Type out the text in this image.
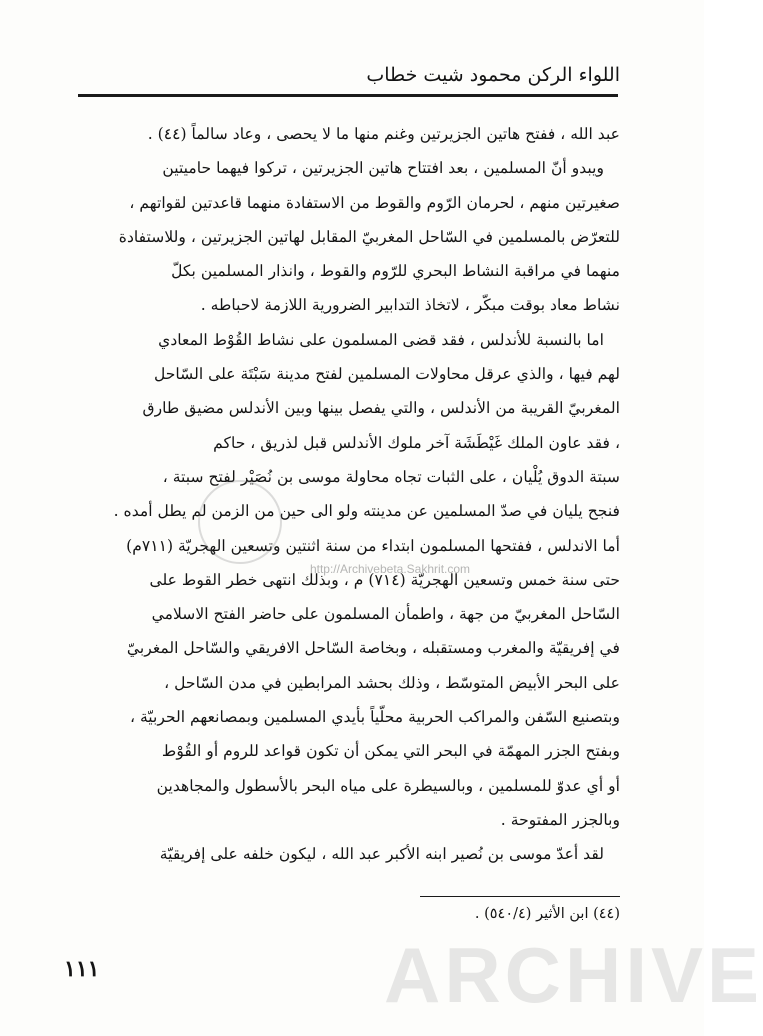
اللواء الركن محمود شيت خطاب
عبد الله ، ففتح هاتين الجزيرتين وغنم منها ما لا يحصى ، وعاد سالماً (٤٤) .
ويبدو أنّ المسلمين ، بعد افتتاح هاتين الجزيرتين ، تركوا فيهما حاميتين
صغيرتين منهم ، لحرمان الرّوم والقوط من الاستفادة منهما قاعدتين لقواتهم ،
للتعرّض بالمسلمين في السّاحل المغربيّ المقابل لهاتين الجزيرتين ، وللاستفادة
منهما في مراقبة النشاط البحري للرّوم والقوط ، وانذار المسلمين بكلّ
نشاط معاد بوقت مبكّر ، لاتخاذ التدابير الضرورية اللازمة لاحباطه .
اما بالنسبة للأندلس ، فقد قضى المسلمون على نشاط القُوْط المعادي
لهم فيها ، والذي عرقل محاولات المسلمين لفتح مدينة سَبْتَة على السّاحل
المغربيّ القريبة من الأندلس ، والتي يفصل بينها وبين الأندلس مضيق طارق
، فقد عاون الملك غَيْطَشَة آخر ملوك الأندلس قبل لذريق ، حاكم
سبتة الدوق يُلْيان ، على الثبات تجاه محاولة موسى بن نُصَيْر لفتح سبتة ،
فنجح يليان في صدّ المسلمين عن مدينته ولو الى حين من الزمن لم يطل أمده .
أما الاندلس ، ففتحها المسلمون ابتداء من سنة اثنتين وتسعين الهجريّة (٧١١م)
حتى سنة خمس وتسعين الهجريّة (٧١٤) م ، وبذلك انتهى خطر القوط على
السّاحل المغربيّ من جهة ، واطمأن المسلمون على حاضر الفتح الاسلامي
في إفريقيّة والمغرب ومستقبله ، وبخاصة السّاحل الافريقي والسّاحل المغربيّ
على البحر الأبيض المتوسّط ، وذلك بحشد المرابطين في مدن السّاحل ،
وبتصنيع السّفن والمراكب الحربية محلّياً بأيدي المسلمين وبمصانعهم الحربيّة ،
وبفتح الجزر المهمّة في البحر التي يمكن أن تكون قواعد للروم أو القُوْط
أو أي عدوّ للمسلمين ، وبالسيطرة على مياه البحر بالأسطول والمجاهدين
وبالجزر المفتوحة .
لقد أعدّ موسى بن نُصير ابنه الأكبر عبد الله ، ليكون خلفه على إفريقيّة
(٤٤) ابن الأثير (٥٤٠/٤) .
١١١
http://Archivebeta.Sakhrit.com
ARCHIVE
